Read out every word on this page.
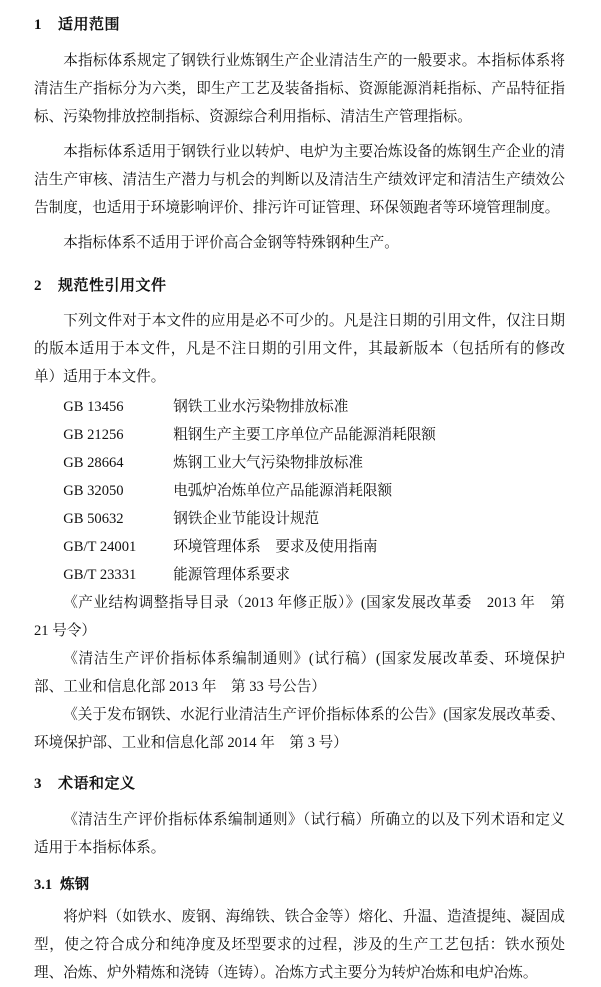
1 适用范围

本指标体系规定了钢铁行业炼钢生产企业清洁生产的一般要求。本指标体系将清洁生产指标分为六类，即生产工艺及装备指标、资源能源消耗指标、产品特征指标、污染物排放控制指标、资源综合利用指标、清洁生产管理指标。

本指标体系适用于钢铁行业以转炉、电炉为主要冶炼设备的炼钢生产企业的清洁生产审核、清洁生产潜力与机会的判断以及清洁生产绩效评定和清洁生产绩效公告制度，也适用于环境影响评价、排污许可证管理、环保领跑者等环境管理制度。

本指标体系不适用于评价高合金钢等特殊钢种生产。

2 规范性引用文件

下列文件对于本文件的应用是必不可少的。凡是注日期的引用文件，仅注日期的版本适用于本文件，凡是不注日期的引用文件，其最新版本（包括所有的修改单）适用于本文件。

GB 13456	钢铁工业水污染物排放标准
GB 21256	粗钢生产主要工序单位产品能源消耗限额
GB 28664	炼钢工业大气污染物排放标准
GB 32050	电弧炉冶炼单位产品能源消耗限额
GB 50632	钢铁企业节能设计规范
GB/T 24001	环境管理体系　要求及使用指南
GB/T 23331	能源管理体系要求

《产业结构调整指导目录（2013 年修正版）》(国家发展改革委　2013 年　第 21 号令）

《清洁生产评价指标体系编制通则》(试行稿）(国家发展改革委、环境保护部、工业和信息化部 2013 年　第 33 号公告）

《关于发布钢铁、水泥行业清洁生产评价指标体系的公告》(国家发展改革委、环境保护部、工业和信息化部 2014 年　第 3 号）

3 术语和定义

《清洁生产评价指标体系编制通则》（试行稿）所确立的以及下列术语和定义适用于本指标体系。

3.1 炼钢

将炉料（如铁水、废钢、海绵铁、铁合金等）熔化、升温、造渣提纯、凝固成型，使之符合成分和纯净度及坯型要求的过程，涉及的生产工艺包括：铁水预处理、冶炼、炉外精炼和浇铸（连铸）。冶炼方式主要分为转炉冶炼和电炉冶炼。
